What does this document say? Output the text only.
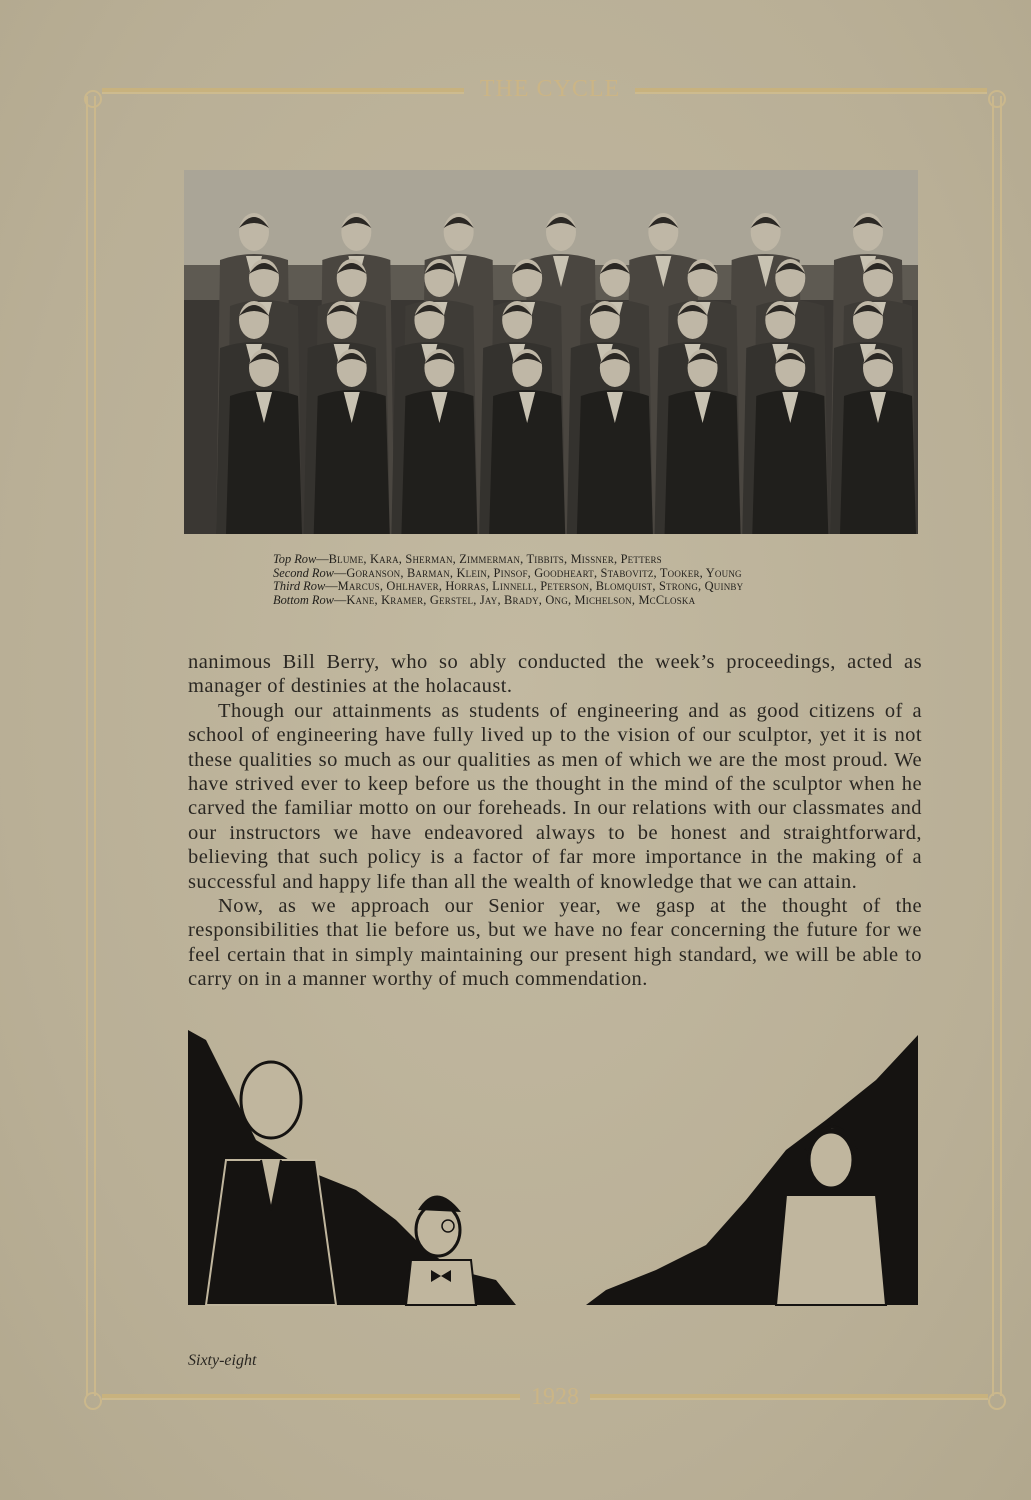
THE CYCLE
Top Row—Blume, Kara, Sherman, Zimmerman, Tibbits, Missner, Petters
Second Row—Goranson, Barman, Klein, Pinsof, Goodheart, Stabovitz, Tooker, Young
Third Row—Marcus, Ohlhaver, Horras, Linnell, Peterson, Blomquist, Strong, Quinby
Bottom Row—Kane, Kramer, Gerstel, Jay, Brady, Ong, Michelson, McCloska

nanimous Bill Berry, who so ably conducted the week’s proceedings, acted as manager of destinies at the holacaust.

Though our attainments as students of engineering and as good citizens of a school of engineering have fully lived up to the vision of our sculptor, yet it is not these qualities so much as our qualities as men of which we are the most proud. We have strived ever to keep before us the thought in the mind of the sculptor when he carved the familiar motto on our foreheads. In our relations with our classmates and our instructors we have endeavored always to be honest and straightforward, believing that such policy is a factor of far more importance in the making of a successful and happy life than all the wealth of knowledge that we can attain.

Now, as we approach our Senior year, we gasp at the thought of the responsibilities that lie before us, but we have no fear concerning the future for we feel certain that in simply maintaining our present high standard, we will be able to carry on in a manner worthy of much commendation.

Sixty-eight
1928
